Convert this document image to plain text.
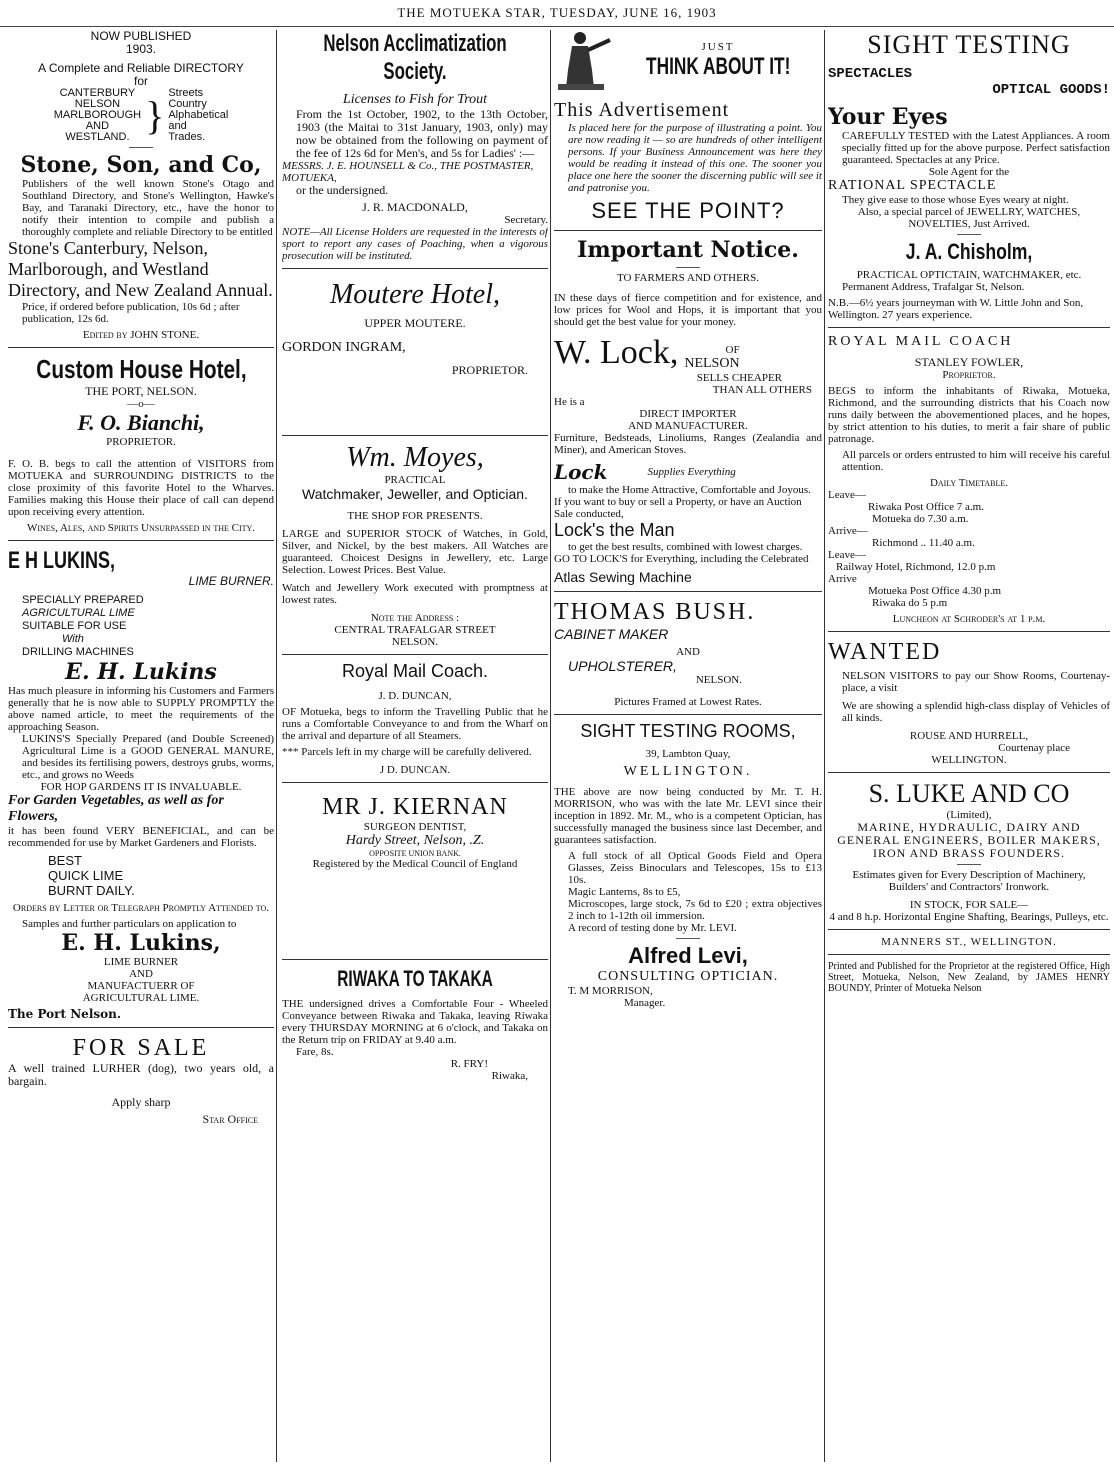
THE MOTUEKA STAR, TUESDAY, JUNE 16, 1903

NOW PUBLISHED

1903.

A Complete and Reliable DIRECTORY

for

CANTERBURY

NELSON

MARLBOROUGH

AND

WESTLAND. } Streets

Country

Alphabetical

and

Trades.

Stone, Son, and Co,

Publishers of the well known Stone's Otago and Southland Directory, and Stone's Wellington, Hawke's Bay, and Taranaki Directory, etc., have the honor to notify their intention to compile and publish a thoroughly complete and reliable Directory to be entitled

Stone's Canterbury, Nelson, Marlborough, and Westland Directory, and New Zealand Annual.

Price, if ordered before publication, 10s 6d ; after publication, 12s 6d.

Edited by JOHN STONE.

Custom House Hotel,

THE PORT, NELSON.

—o—

F. O. Bianchi,

PROPRIETOR.

F. O. B. begs to call the attention of VISITORS from MOTUEKA and SURROUNDING DISTRICTS to the close proximity of this favorite Hotel to the Wharves. Families making this House their place of call can depend upon receiving every attention.

Wines, Ales, and Spirits Unsurpassed in the City.

E H LUKINS,

LIME BURNER.

SPECIALLY PREPARED

AGRICULTURAL LIME

SUITABLE FOR USE

With

DRILLING MACHINES

E. H. Lukins

Has much pleasure in informing his Customers and Farmers generally that he is now able to SUPPLY PROMPTLY the above named article, to meet the requirements of the approaching Season.

LUKINS'S Specially Prepared (and Double Screened) Agricultural Lime is a GOOD GENERAL MANURE, and besides its fertilising powers, destroys grubs, worms, etc., and grows no Weeds

FOR HOP GARDENS IT IS INVALUABLE.

For Garden Vegetables, as well as for Flowers,

it has been found VERY BENEFICIAL, and can be recommended for use by Market Gardeners and Florists.

BEST

QUICK LIME

BURNT DAILY.

Orders by Letter or Telegraph Promptly Attended to.

Samples and further particulars on application to

E. H. Lukins,

LIME BURNER

AND

MANUFACTUERR OF

AGRICULTURAL LIME.

The Port Nelson.

FOR SALE

A well trained LURHER (dog), two years old, a bargain.

Apply sharp

Star Office

Nelson Acclimatization Society.

Licenses to Fish for Trout

From the 1st October, 1902, to the 13th October, 1903 (the Maitai to 31st January, 1903, only) may now be obtained from the following on payment of the fee of 12s 6d for Men's, and 5s for Ladies' :—

MESSRS. J. E. HOUNSELL & Co., THE POSTMASTER, MOTUEKA,

or the undersigned.

J. R. MACDONALD,

Secretary.

NOTE—All License Holders are requested in the interests of sport to report any cases of Poaching, when a vigorous prosecution will be instituted.

Moutere Hotel,

UPPER MOUTERE.

GORDON INGRAM,

PROPRIETOR.

Wm. Moyes,

PRACTICAL

Watchmaker, Jeweller, and Optician.

THE SHOP FOR PRESENTS.

LARGE and SUPERIOR STOCK of Watches, in Gold, Silver, and Nickel, by the best makers. All Watches are guaranteed. Choicest Designs in Jewellery, etc. Large Selection. Lowest Prices. Best Value.

Watch and Jewellery Work executed with promptness at lowest rates.

Note the Address :

CENTRAL TRAFALGAR STREET

NELSON.

Royal Mail Coach.

J. D. DUNCAN,

OF Motueka, begs to inform the Travelling Public that he runs a Comfortable Conveyance to and from the Wharf on the arrival and departure of all Steamers.

*** Parcels left in my charge will be carefully delivered.

J D. DUNCAN.

MR J. KIERNAN

SURGEON DENTIST,

Hardy Street, Nelson, .Z.

OPPOSITE UNION BANK.

Registered by the Medical Council of England

RIWAKA TO TAKAKA

THE undersigned drives a Comfortable Four - Wheeled Conveyance between Riwaka and Takaka, leaving Riwaka every THURSDAY MORNING at 6 o'clock, and Takaka on the Return trip on FRIDAY at 9.40 a.m.

Fare, 8s.

R. FRY!

Riwaka,

JUST

THINK ABOUT IT!

This Advertisement

Is placed here for the purpose of illustrating a point. You are now reading it — so are hundreds of other intelligent persons. If your Business Announcement was here they would be reading it instead of this one. The sooner you place one here the sooner the discerning public will see it and patronise you.

SEE THE POINT?

Important Notice.

TO FARMERS AND OTHERS.

IN these days of fierce competition and for existence, and low prices for Wool and Hops, it is important that you should get the best value for your money.

W. Lock,	OF

NELSON

SELLS CHEAPER

THAN ALL OTHERS

He is a

DIRECT IMPORTER

AND MANUFACTURER.

Furniture, Bedsteads, Linoliums, Ranges (Zealandia and Miner), and American Stoves.

Lock	Supplies Everything

to make the Home Attractive, Comfortable and Joyous.

If you want to buy or sell a Property, or have an Auction Sale conducted,

Lock's the Man

to get the best results, combined with lowest charges.

GO TO LOCK'S for Everything, including the Celebrated

Atlas Sewing Machine

THOMAS BUSH.

CABINET MAKER

AND

UPHOLSTERER,

NELSON.

Pictures Framed at Lowest Rates.

SIGHT TESTING ROOMS,

39, Lambton Quay,

WELLINGTON.

THE above are now being conducted by Mr. T. H. MORRISON, who was with the late Mr. LEVI since their inception in 1892. Mr. M., who is a competent Optician, has successfully managed the business since last December, and guarantees satisfaction.

A full stock of all Optical Goods Field and Opera Glasses, Zeiss Binoculars and Telescopes, 15s to £13 10s.

Magic Lanterns, 8s to £5,

Microscopes, large stock, 7s 6d to £20 ; extra objectives 2 inch to 1-12th oil immersion.

A record of testing done by Mr. LEVI.

Alfred Levi,

CONSULTING OPTICIAN.

T. M MORRISON,

Manager.

SIGHT TESTING

SPECTACLES

OPTICAL GOODS!

Your Eyes

CAREFULLY TESTED with the Latest Appliances. A room specially fitted up for the above purpose. Perfect satisfaction guaranteed. Spectacles at any Price.

Sole Agent for the

RATIONAL SPECTACLE

They give ease to those whose Eyes weary at night.

Also, a special parcel of JEWELLRY, WATCHES, NOVELTIES, Just Arrived.

J. A. Chisholm,

PRACTICAL OPTICTAIN, WATCHMAKER, etc.

Permanent Address, Trafalgar St, Nelson.

N.B.—6½ years journeyman with W. Little John and Son, Wellington. 27 years experience.

ROYAL MAIL COACH

STANLEY FOWLER,

Proprietor.

BEGS to inform the inhabitants of Riwaka, Motueka, Richmond, and the surrounding districts that his Coach now runs daily between the abovementioned places, and he hopes, by strict attention to his duties, to merit a fair share of public patronage.

All parcels or orders entrusted to him will receive his careful attention.

Daily Timetable.

Leave—

Riwaka Post Office 7 a.m.

Motueka do 7.30 a.m.

Arrive—

Richmond .. 11.40 a.m.

Leave—

Railway Hotel, Richmond, 12.0 p.m

Arrive

Motueka Post Office 4.30 p.m

Riwaka do 5 p.m

Luncheon at Schroder's at 1 p.m.

WANTED

NELSON VISITORS to pay our Show Rooms, Courtenay-place, a visit

We are showing a splendid high-class display of Vehicles of all kinds.

ROUSE AND HURRELL,

Courtenay place

WELLINGTON.

S. LUKE AND CO

(Limited),

MARINE, HYDRAULIC, DAIRY AND GENERAL ENGINEERS, BOILER MAKERS, IRON AND BRASS FOUNDERS.

Estimates given for Every Description of Machinery,

Builders' and Contractors' Ironwork.

IN STOCK, FOR SALE—

4 and 8 h.p. Horizontal Engine Shafting, Bearings, Pulleys, etc.

MANNERS ST., WELLINGTON.

Printed and Published for the Proprietor at the registered Office, High Street, Motueka, Nelson, New Zealand, by JAMES HENRY BOUNDY, Printer of Motueka Nelson
